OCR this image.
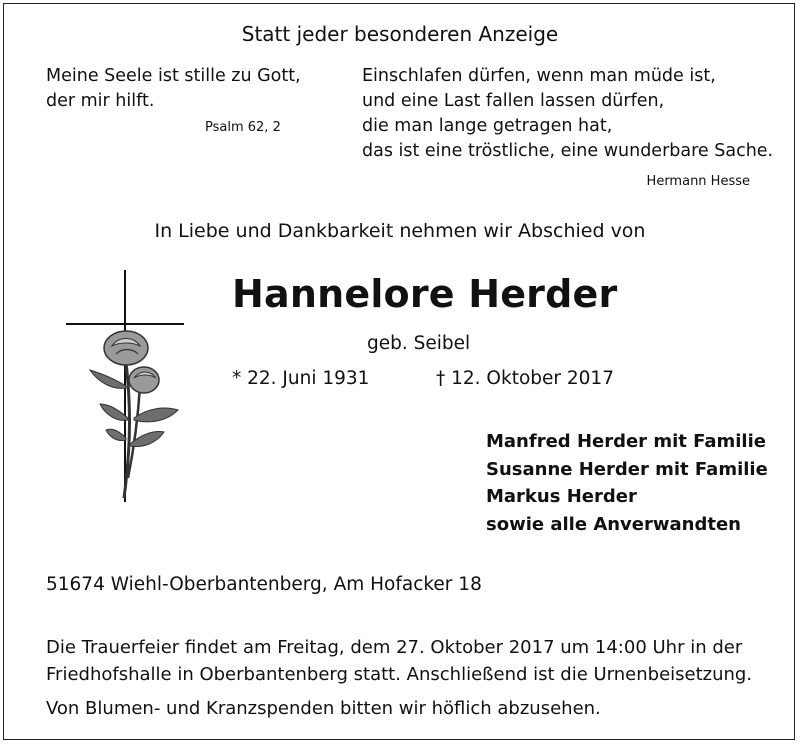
Statt jeder besonderen Anzeige
Meine Seele ist stille zu Gott,
der mir hilft.
Psalm 62, 2
Einschlafen dürfen, wenn man müde ist,
und eine Last fallen lassen dürfen,
die man lange getragen hat,
das ist eine tröstliche, eine wunderbare Sache.
Hermann Hesse
In Liebe und Dankbarkeit nehmen wir Abschied von
Hannelore Herder
geb. Seibel
* 22. Juni 1931	† 12. Oktober 2017
Manfred Herder mit Familie
Susanne Herder mit Familie
Markus Herder
sowie alle Anverwandten
51674 Wiehl-Oberbantenberg, Am Hofacker 18
Die Trauerfeier findet am Freitag, dem 27. Oktober 2017 um 14:00 Uhr in der
Friedhofshalle in Oberbantenberg statt. Anschließend ist die Urnenbeisetzung.
Von Blumen- und Kranzspenden bitten wir höflich abzusehen.
